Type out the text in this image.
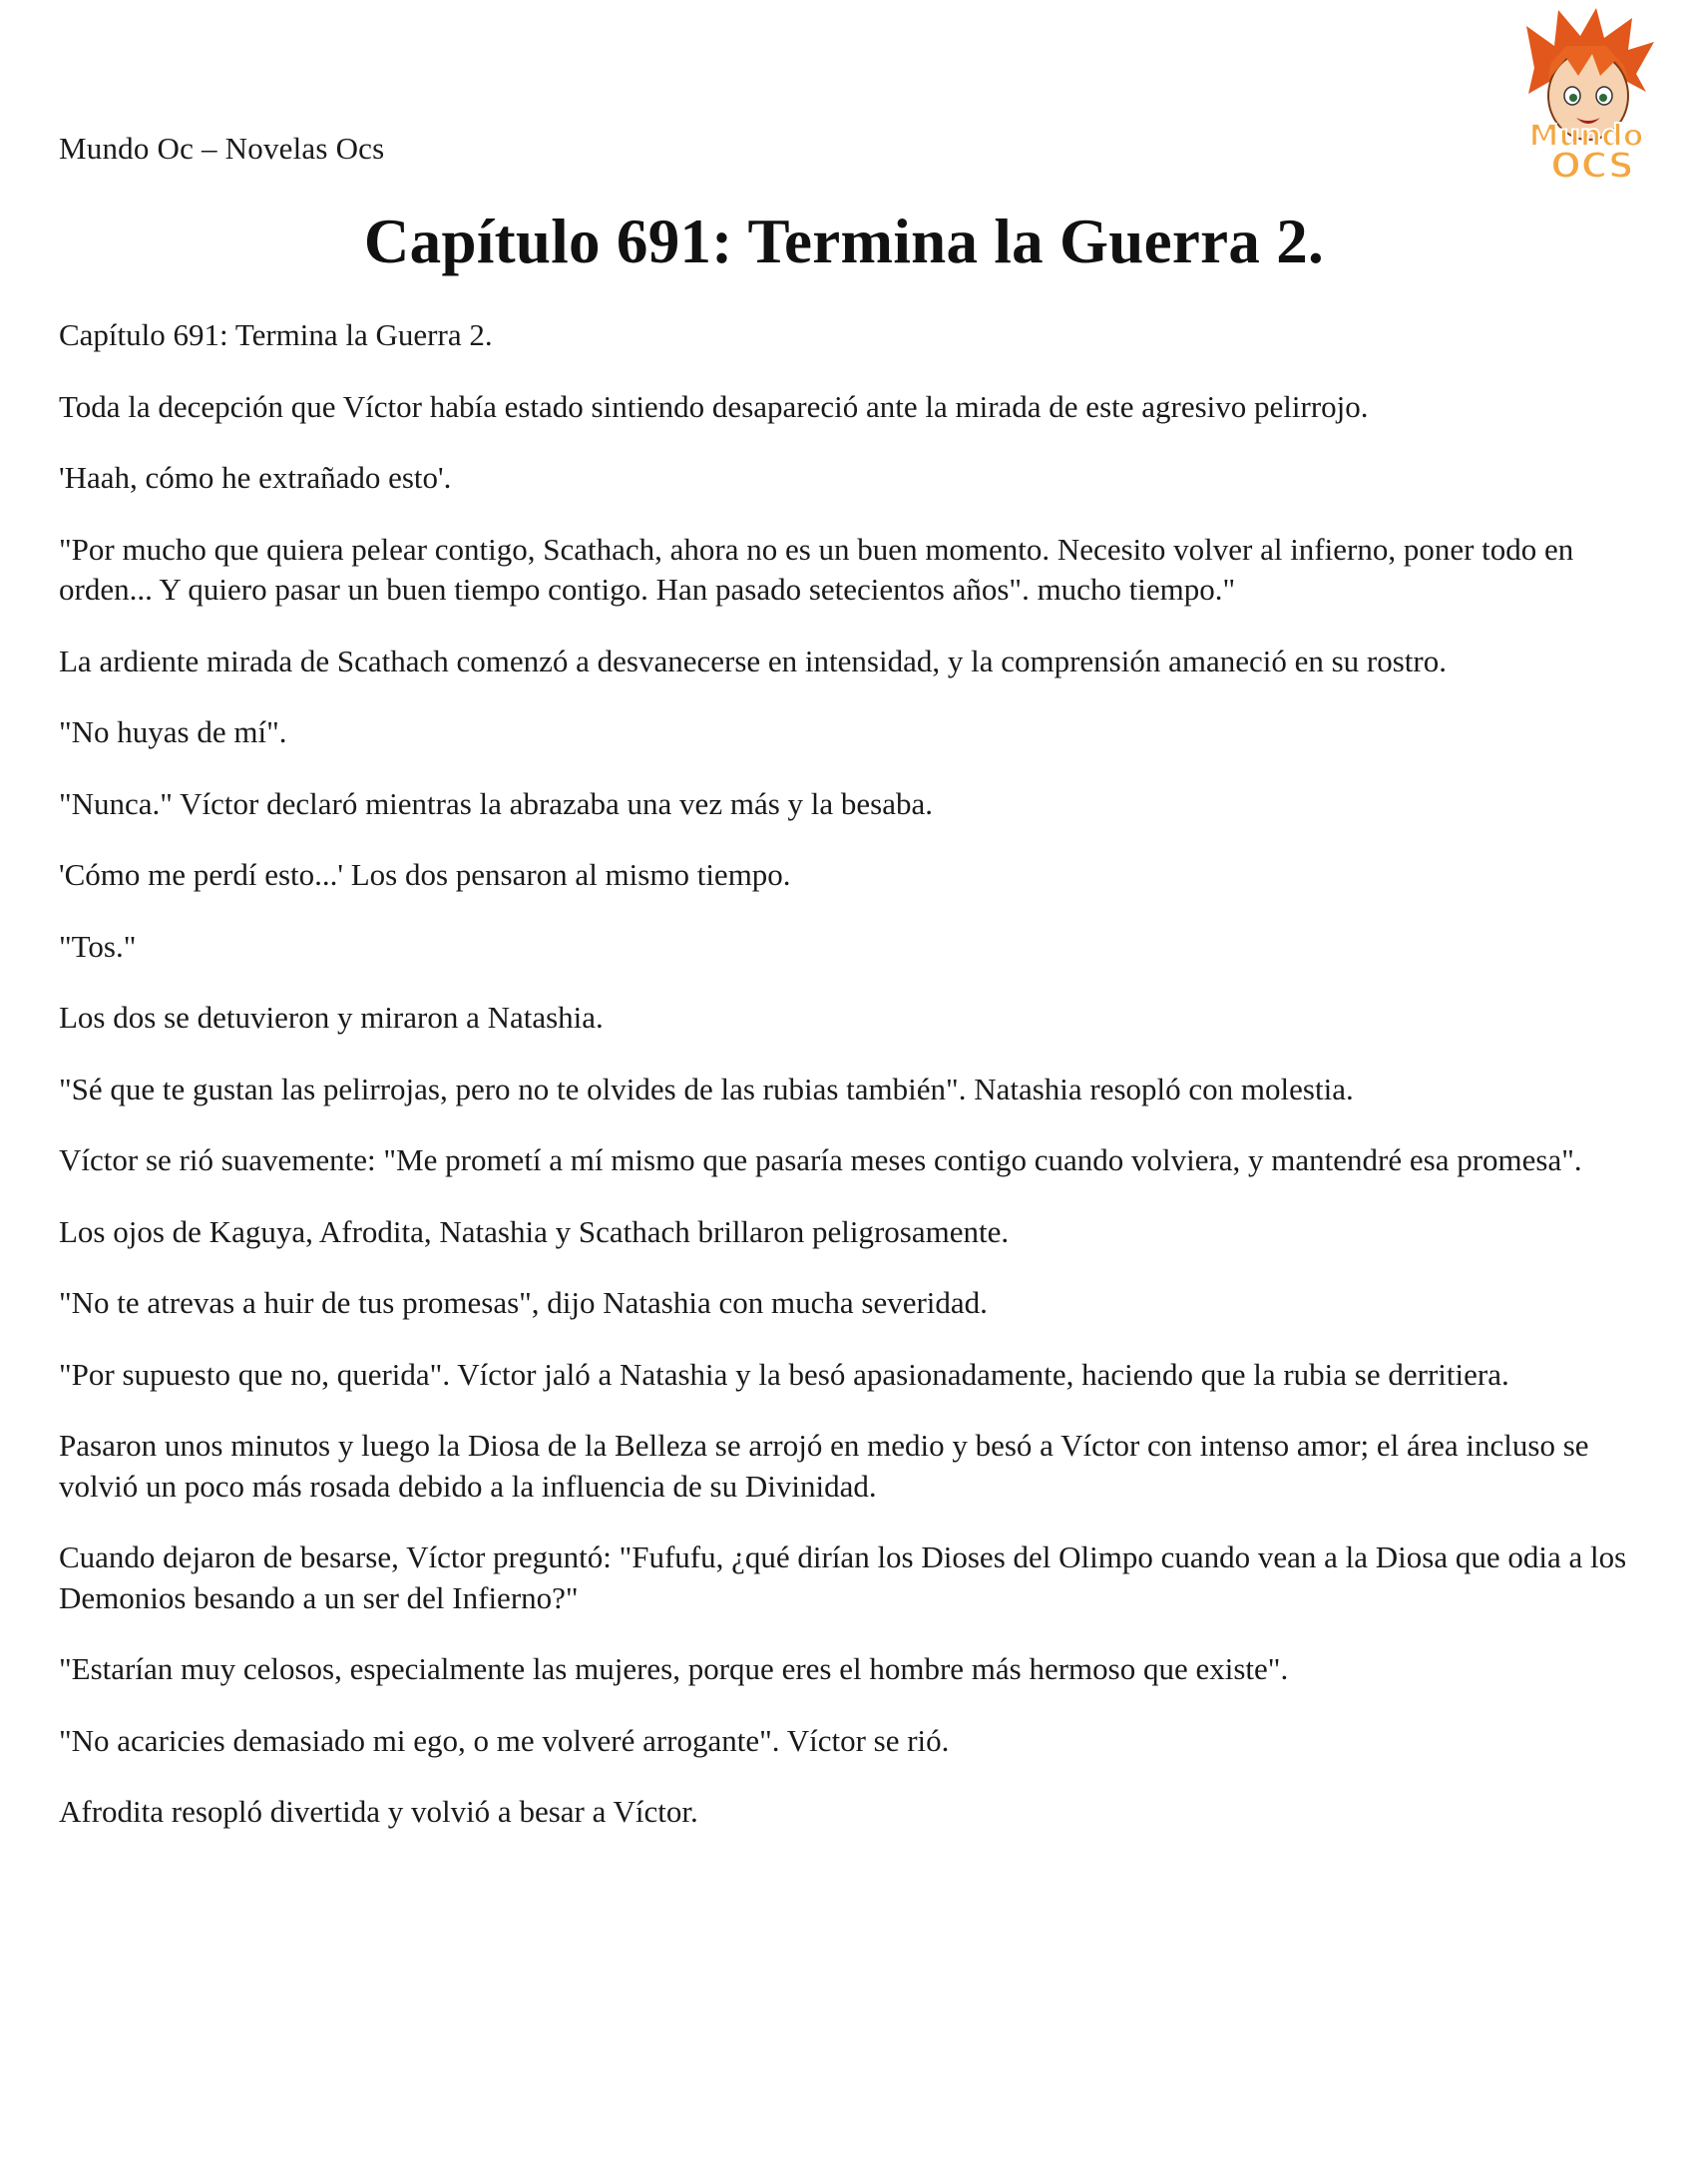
Mundo Oc – Novelas Ocs	Mundo
OCS
Capítulo 691: Termina la Guerra 2.

Capítulo 691: Termina la Guerra 2.

Toda la decepción que Víctor había estado sintiendo desapareció ante la mirada de este agresivo pelirrojo.

'Haah, cómo he extrañado esto'.

"Por mucho que quiera pelear contigo, Scathach, ahora no es un buen momento. Necesito volver al infierno, poner todo en orden... Y quiero pasar un buen tiempo contigo. Han pasado setecientos años". mucho tiempo."

La ardiente mirada de Scathach comenzó a desvanecerse en intensidad, y la comprensión amaneció en su rostro.

"No huyas de mí".

"Nunca." Víctor declaró mientras la abrazaba una vez más y la besaba.

'Cómo me perdí esto...' Los dos pensaron al mismo tiempo.

"Tos."

Los dos se detuvieron y miraron a Natashia.

"Sé que te gustan las pelirrojas, pero no te olvides de las rubias también". Natashia resopló con molestia.

Víctor se rió suavemente: "Me prometí a mí mismo que pasaría meses contigo cuando volviera, y mantendré esa promesa".

Los ojos de Kaguya, Afrodita, Natashia y Scathach brillaron peligrosamente.

"No te atrevas a huir de tus promesas", dijo Natashia con mucha severidad.

"Por supuesto que no, querida". Víctor jaló a Natashia y la besó apasionadamente, haciendo que la rubia se derritiera.

Pasaron unos minutos y luego la Diosa de la Belleza se arrojó en medio y besó a Víctor con intenso amor; el área incluso se volvió un poco más rosada debido a la influencia de su Divinidad.

Cuando dejaron de besarse, Víctor preguntó: "Fufufu, ¿qué dirían los Dioses del Olimpo cuando vean a la Diosa que odia a los Demonios besando a un ser del Infierno?"

"Estarían muy celosos, especialmente las mujeres, porque eres el hombre más hermoso que existe".

"No acaricies demasiado mi ego, o me volveré arrogante". Víctor se rió.

Afrodita resopló divertida y volvió a besar a Víctor.
